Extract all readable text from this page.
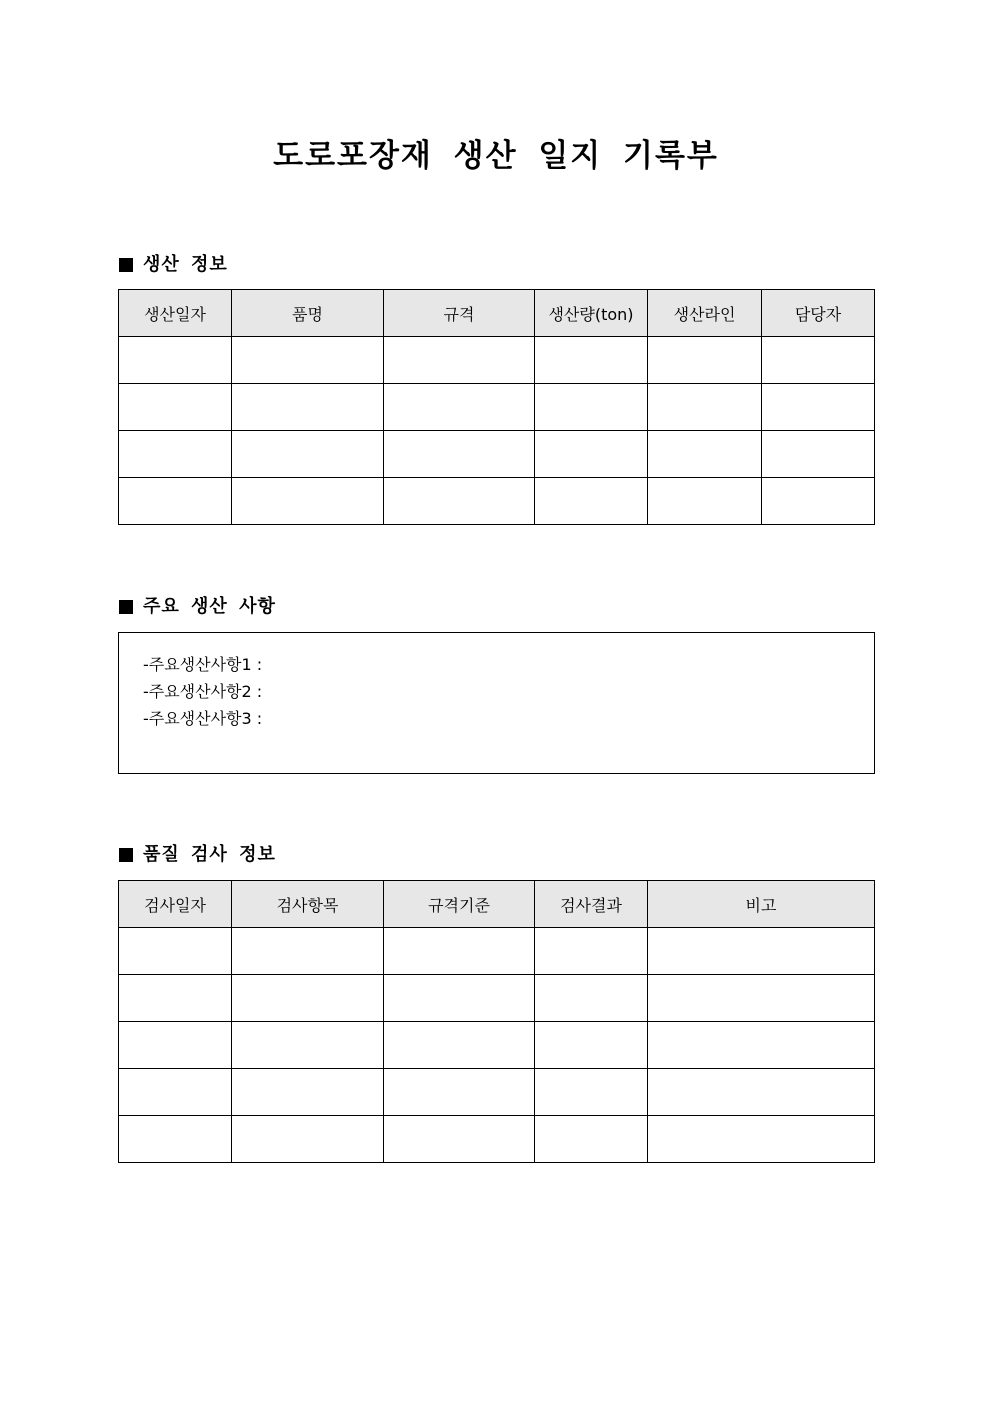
도로포장재 생산 일지 기록부
생산 정보
생산일자	품명	규격	생산량(ton)	생산라인	담당자

주요 생산 사항
-주요생산사항1 :
-주요생산사항2 :
-주요생산사항3 :
품질 검사 정보
검사일자	검사항목	규격기준	검사결과	비고
